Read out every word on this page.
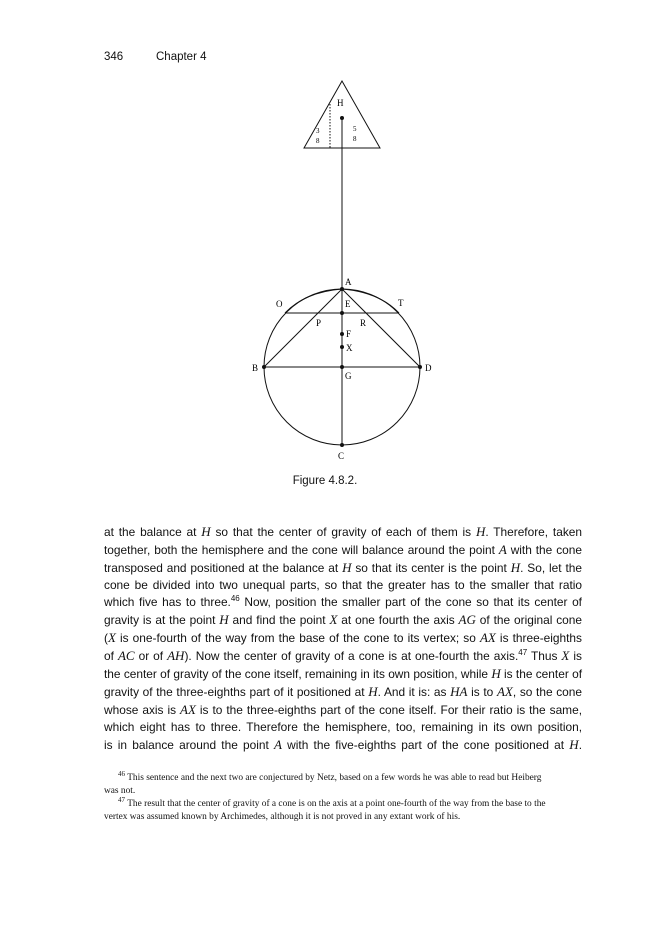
346	Chapter 4
H
3
8
5
8
A
O	E	T
P	R
F
X
B	D
G
C
Figure 4.8.2.
at the balance at H so that the center of gravity of each of them is H. Therefore, taken
together, both the hemisphere and the cone will balance around the point A with the cone
transposed and positioned at the balance at H so that its center is the point H. So, let the
cone be divided into two unequal parts, so that the greater has to the smaller that ratio
which five has to three.$^{46}$ Now, position the smaller part of the cone so that its center of
gravity is at the point H and find the point X at one fourth the axis AG of the original cone
(X is one-fourth of the way from the base of the cone to its vertex; so AX is three-eighths
of AC or of AH). Now the center of gravity of a cone is at one-fourth the axis.$^{47}$ Thus X is
the center of gravity of the cone itself, remaining in its own position, while H is the center of
gravity of the three-eighths part of it positioned at H. And it is: as HA is to AX, so the cone
whose axis is AX is to the three-eighths part of the cone itself. For their ratio is the same,
which eight has to three. Therefore the hemisphere, too, remaining in its own position,
is in balance around the point A with the five-eighths part of the cone positioned at H.

$^{46}$ This sentence and the next two are conjectured by Netz, based on a few words he was able to read but Heiberg
was not.

$^{47}$ The result that the center of gravity of a cone is on the axis at a point one-fourth of the way from the base to the
vertex was assumed known by Archimedes, although it is not proved in any extant work of his.
